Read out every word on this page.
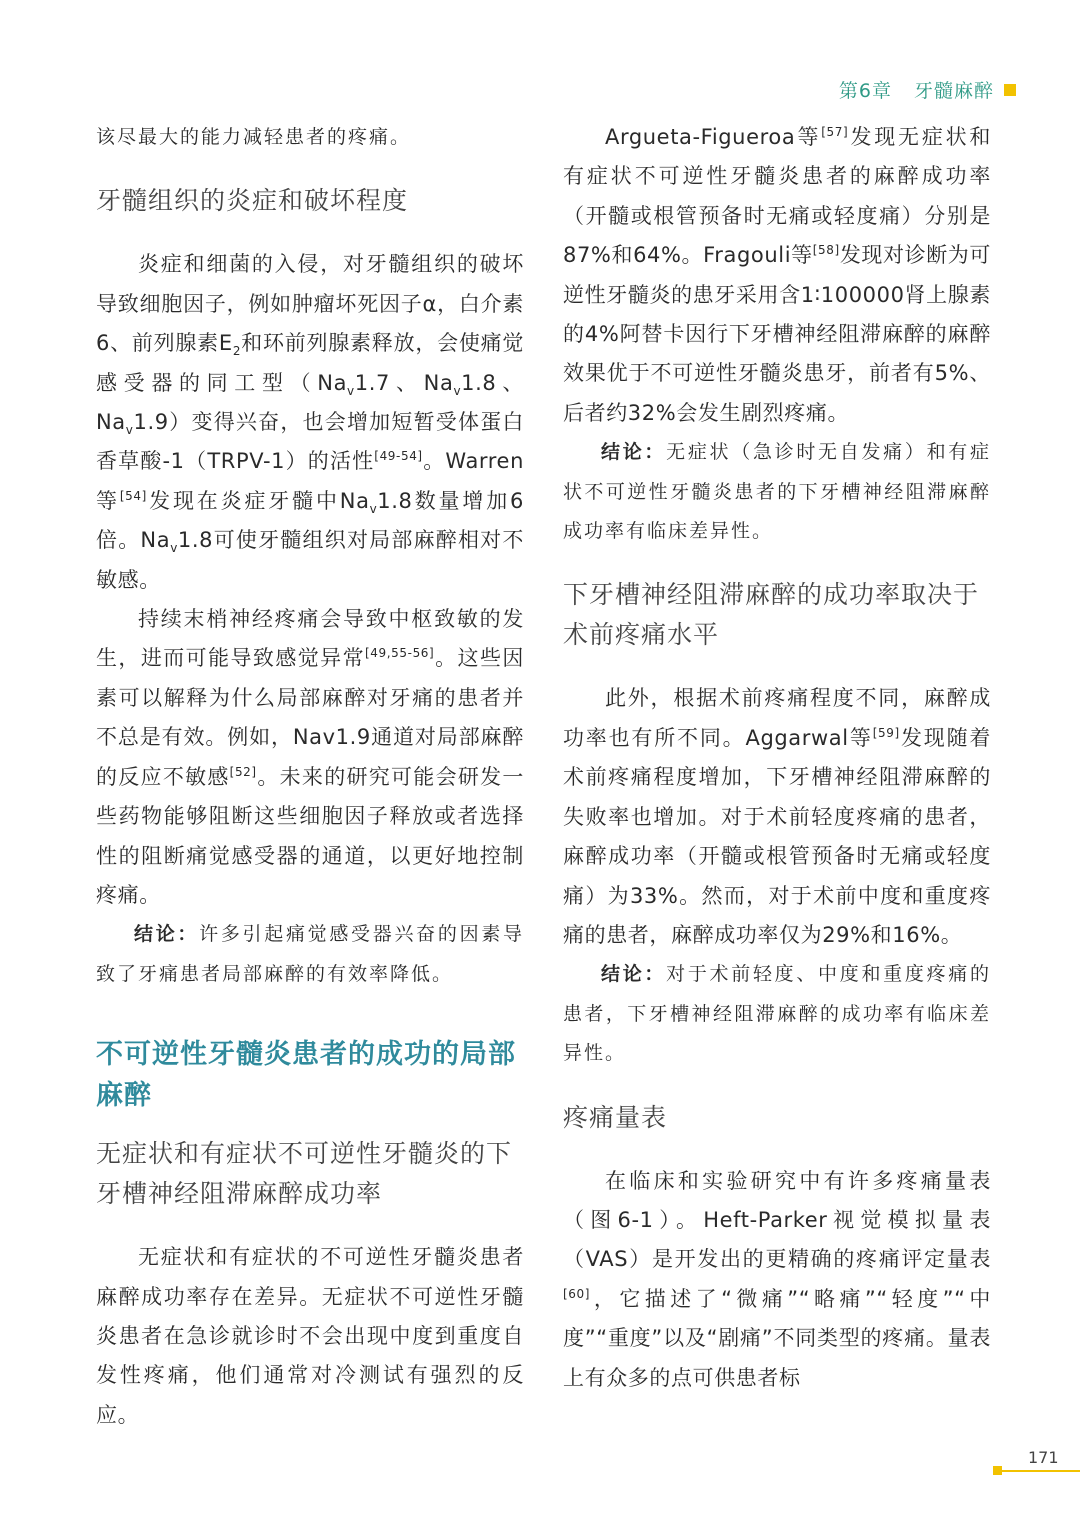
第6章 牙髓麻醉

该尽最大的能力减轻患者的疼痛。

牙髓组织的炎症和破坏程度

炎症和细菌的入侵，对牙髓组织的破坏导致细胞因子，例如肿瘤坏死因子α，白介素6、前列腺素$E_2$和环前列腺素释放，会使痛觉感受器的同工型（$Na_v1.7$、$Na_v1.8$、$Na_v1.9$）变得兴奋，也会增加短暂受体蛋白香草酸-1（TRPV-1）的活性[49-54]。Warren等[54]发现在炎症牙髓中$Na_v1.8$数量增加6倍。$Na_v1.8$可使牙髓组织对局部麻醉相对不敏感。

持续末梢神经疼痛会导致中枢致敏的发生，进而可能导致感觉异常[49,55-56]。这些因素可以解释为什么局部麻醉对牙痛的患者并不总是有效。例如，Nav1.9通道对局部麻醉的反应不敏感[52]。未来的研究可能会研发一些药物能够阻断这些细胞因子释放或者选择性的阻断痛觉感受器的通道，以更好地控制疼痛。

结论：许多引起痛觉感受器兴奋的因素导致了牙痛患者局部麻醉的有效率降低。

不可逆性牙髓炎患者的成功的局部麻醉
无症状和有症状不可逆性牙髓炎的下牙槽神经阻滞麻醉成功率

无症状和有症状的不可逆性牙髓炎患者麻醉成功率存在差异。无症状不可逆性牙髓炎患者在急诊就诊时不会出现中度到重度自发性疼痛，他们通常对冷测试有强烈的反应。

Argueta-Figueroa等[57]发现无症状和有症状不可逆性牙髓炎患者的麻醉成功率（开髓或根管预备时无痛或轻度痛）分别是87%和64%。Fragouli等[58]发现对诊断为可逆性牙髓炎的患牙采用含1∶100000肾上腺素的4%阿替卡因行下牙槽神经阻滞麻醉的麻醉效果优于不可逆性牙髓炎患牙，前者有5%、后者约32%会发生剧烈疼痛。

结论：无症状（急诊时无自发痛）和有症状不可逆性牙髓炎患者的下牙槽神经阻滞麻醉成功率有临床差异性。

下牙槽神经阻滞麻醉的成功率取决于术前疼痛水平

此外，根据术前疼痛程度不同，麻醉成功率也有所不同。Aggarwal等[59]发现随着术前疼痛程度增加，下牙槽神经阻滞麻醉的失败率也增加。对于术前轻度疼痛的患者，麻醉成功率（开髓或根管预备时无痛或轻度痛）为33%。然而，对于术前中度和重度疼痛的患者，麻醉成功率仅为29%和16%。

结论：对于术前轻度、中度和重度疼痛的患者，下牙槽神经阻滞麻醉的成功率有临床差异性。

疼痛量表

在临床和实验研究中有许多疼痛量表（图6-1）。Heft-Parker视觉模拟量表（VAS）是开发出的更精确的疼痛评定量表[60]，它描述了“微痛”“略痛”“轻度”“中度”“重度”以及“剧痛”不同类型的疼痛。量表上有众多的点可供患者标

171
